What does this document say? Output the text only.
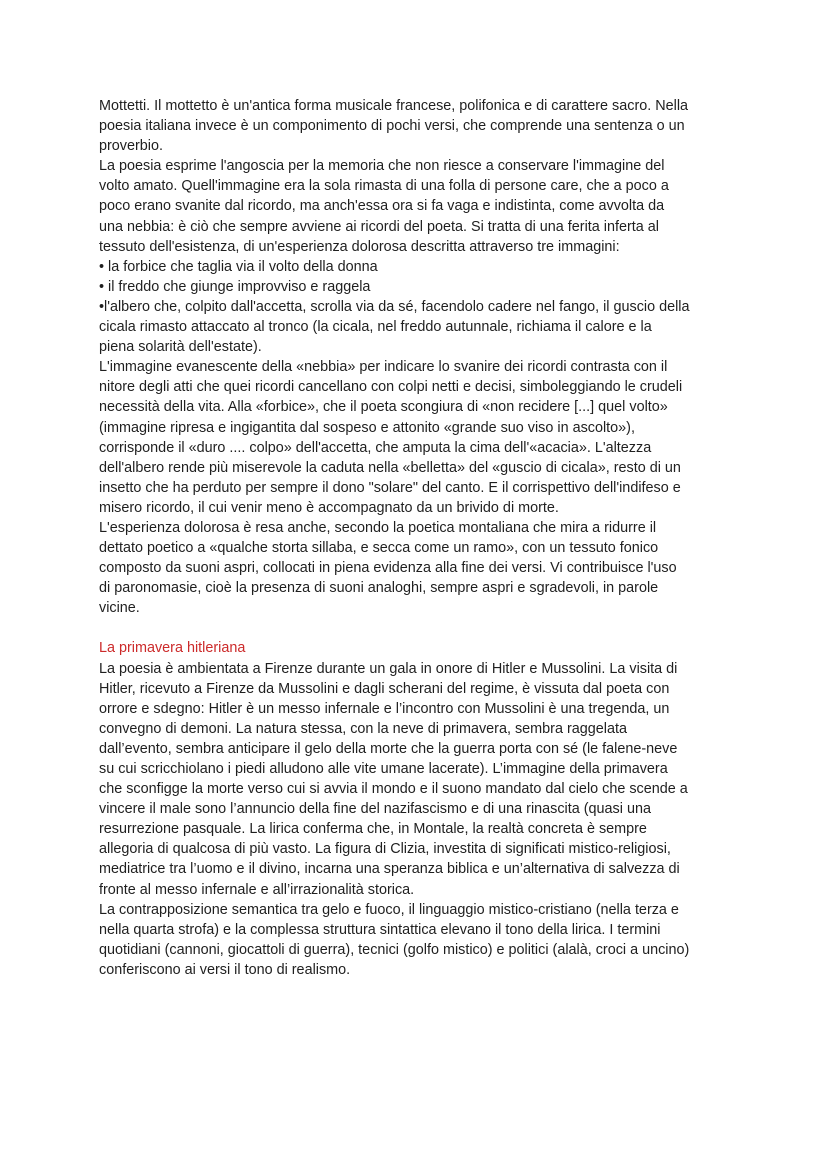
Mottetti. Il mottetto è un'antica forma musicale francese, polifonica e di carattere sacro. Nella
poesia italiana invece è un componimento di pochi versi, che comprende una sentenza o un
proverbio.

La poesia esprime l'angoscia per la memoria che non riesce a conservare l'immagine del
volto amato. Quell'immagine era la sola rimasta di una folla di persone care, che a poco a
poco erano svanite dal ricordo, ma anch'essa ora si fa vaga e indistinta, come avvolta da
una nebbia: è ciò che sempre avviene ai ricordi del poeta. Si tratta di una ferita inferta al
tessuto dell'esistenza, di un'esperienza dolorosa descritta attraverso tre immagini:

• la forbice che taglia via il volto della donna

• il freddo che giunge improvviso e raggela

•l'albero che, colpito dall'accetta, scrolla via da sé, facendolo cadere nel fango, il guscio della
cicala rimasto attaccato al tronco (la cicala, nel freddo autunnale, richiama il calore e la
piena solarità dell'estate).

L'immagine evanescente della «nebbia» per indicare lo svanire dei ricordi contrasta con il
nitore degli atti che quei ricordi cancellano con colpi netti e decisi, simboleggiando le crudeli
necessità della vita. Alla «forbice», che il poeta scongiura di «non recidere [...] quel volto»
(immagine ripresa e ingigantita dal sospeso e attonito «grande suo viso in ascolto»),
corrisponde il «duro .... colpo» dell'accetta, che amputa la cima dell'«acacia». L'altezza
dell'albero rende più miserevole la caduta nella «belletta» del «guscio di cicala», resto di un
insetto che ha perduto per sempre il dono "solare" del canto. E il corrispettivo dell'indifeso e
misero ricordo, il cui venir meno è accompagnato da un brivido di morte.

L'esperienza dolorosa è resa anche, secondo la poetica montaliana che mira a ridurre il
dettato poetico a «qualche storta sillaba, e secca come un ramo», con un tessuto fonico
composto da suoni aspri, collocati in piena evidenza alla fine dei versi. Vi contribuisce l'uso
di paronomasie, cioè la presenza di suoni analoghi, sempre aspri e sgradevoli, in parole
vicine.

La primavera hitleriana

La poesia è ambientata a Firenze durante un gala in onore di Hitler e Mussolini. La visita di
Hitler, ricevuto a Firenze da Mussolini e dagli scherani del regime, è vissuta dal poeta con
orrore e sdegno: Hitler è un messo infernale e l’incontro con Mussolini è una tregenda, un
convegno di demoni. La natura stessa, con la neve di primavera, sembra raggelata
dall’evento, sembra anticipare il gelo della morte che la guerra porta con sé (le falene-neve
su cui scricchiolano i piedi alludono alle vite umane lacerate). L’immagine della primavera
che sconfigge la morte verso cui si avvia il mondo e il suono mandato dal cielo che scende a
vincere il male sono l’annuncio della fine del nazifascismo e di una rinascita (quasi una
resurrezione pasquale. La lirica conferma che, in Montale, la realtà concreta è sempre
allegoria di qualcosa di più vasto. La figura di Clizia, investita di significati mistico-religiosi,
mediatrice tra l’uomo e il divino, incarna una speranza biblica e un’alternativa di salvezza di
fronte al messo infernale e all’irrazionalità storica.

La contrapposizione semantica tra gelo e fuoco, il linguaggio mistico-cristiano (nella terza e
nella quarta strofa) e la complessa struttura sintattica elevano il tono della lirica. I termini
quotidiani (cannoni, giocattoli di guerra), tecnici (golfo mistico) e politici (alalà, croci a uncino)
conferiscono ai versi il tono di realismo.
